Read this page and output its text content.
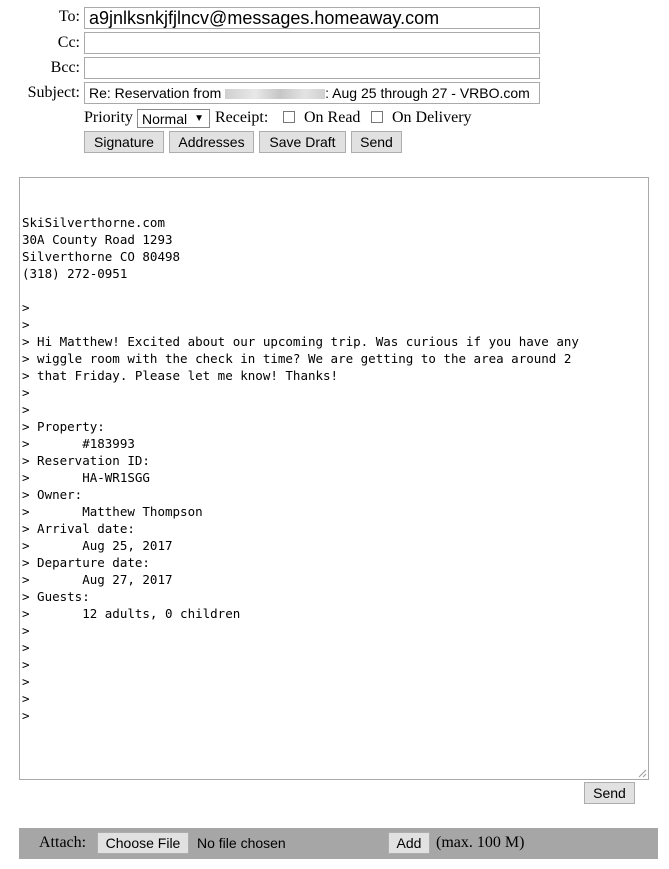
To: a9jnlksnkjfjlncv@messages.homeaway.com
Cc:
Bcc:
Subject: Re: Reservation from	: Aug 25 through 27 - VRBO.com
Priority Normal ▼ Receipt: On Read On Delivery
Signature	Addresses	Save Draft	Send
SkiSilverthorne.com
30A County Road 1293
Silverthorne CO 80498
(318) 272-0951

>
>
> Hi Matthew! Excited about our upcoming trip. Was curious if you have any
> wiggle room with the check in time? We are getting to the area around 2
> that Friday. Please let me know! Thanks!
>
>
> Property:
>       #183993
> Reservation ID:
>       HA-WR1SGG
> Owner:
>       Matthew Thompson
> Arrival date:
>       Aug 25, 2017
> Departure date:
>       Aug 27, 2017
> Guests:
>       12 adults, 0 children
>
>
>
>
>
>
Send
Attach:	Choose File	No file chosen	Add (max. 100 M)
